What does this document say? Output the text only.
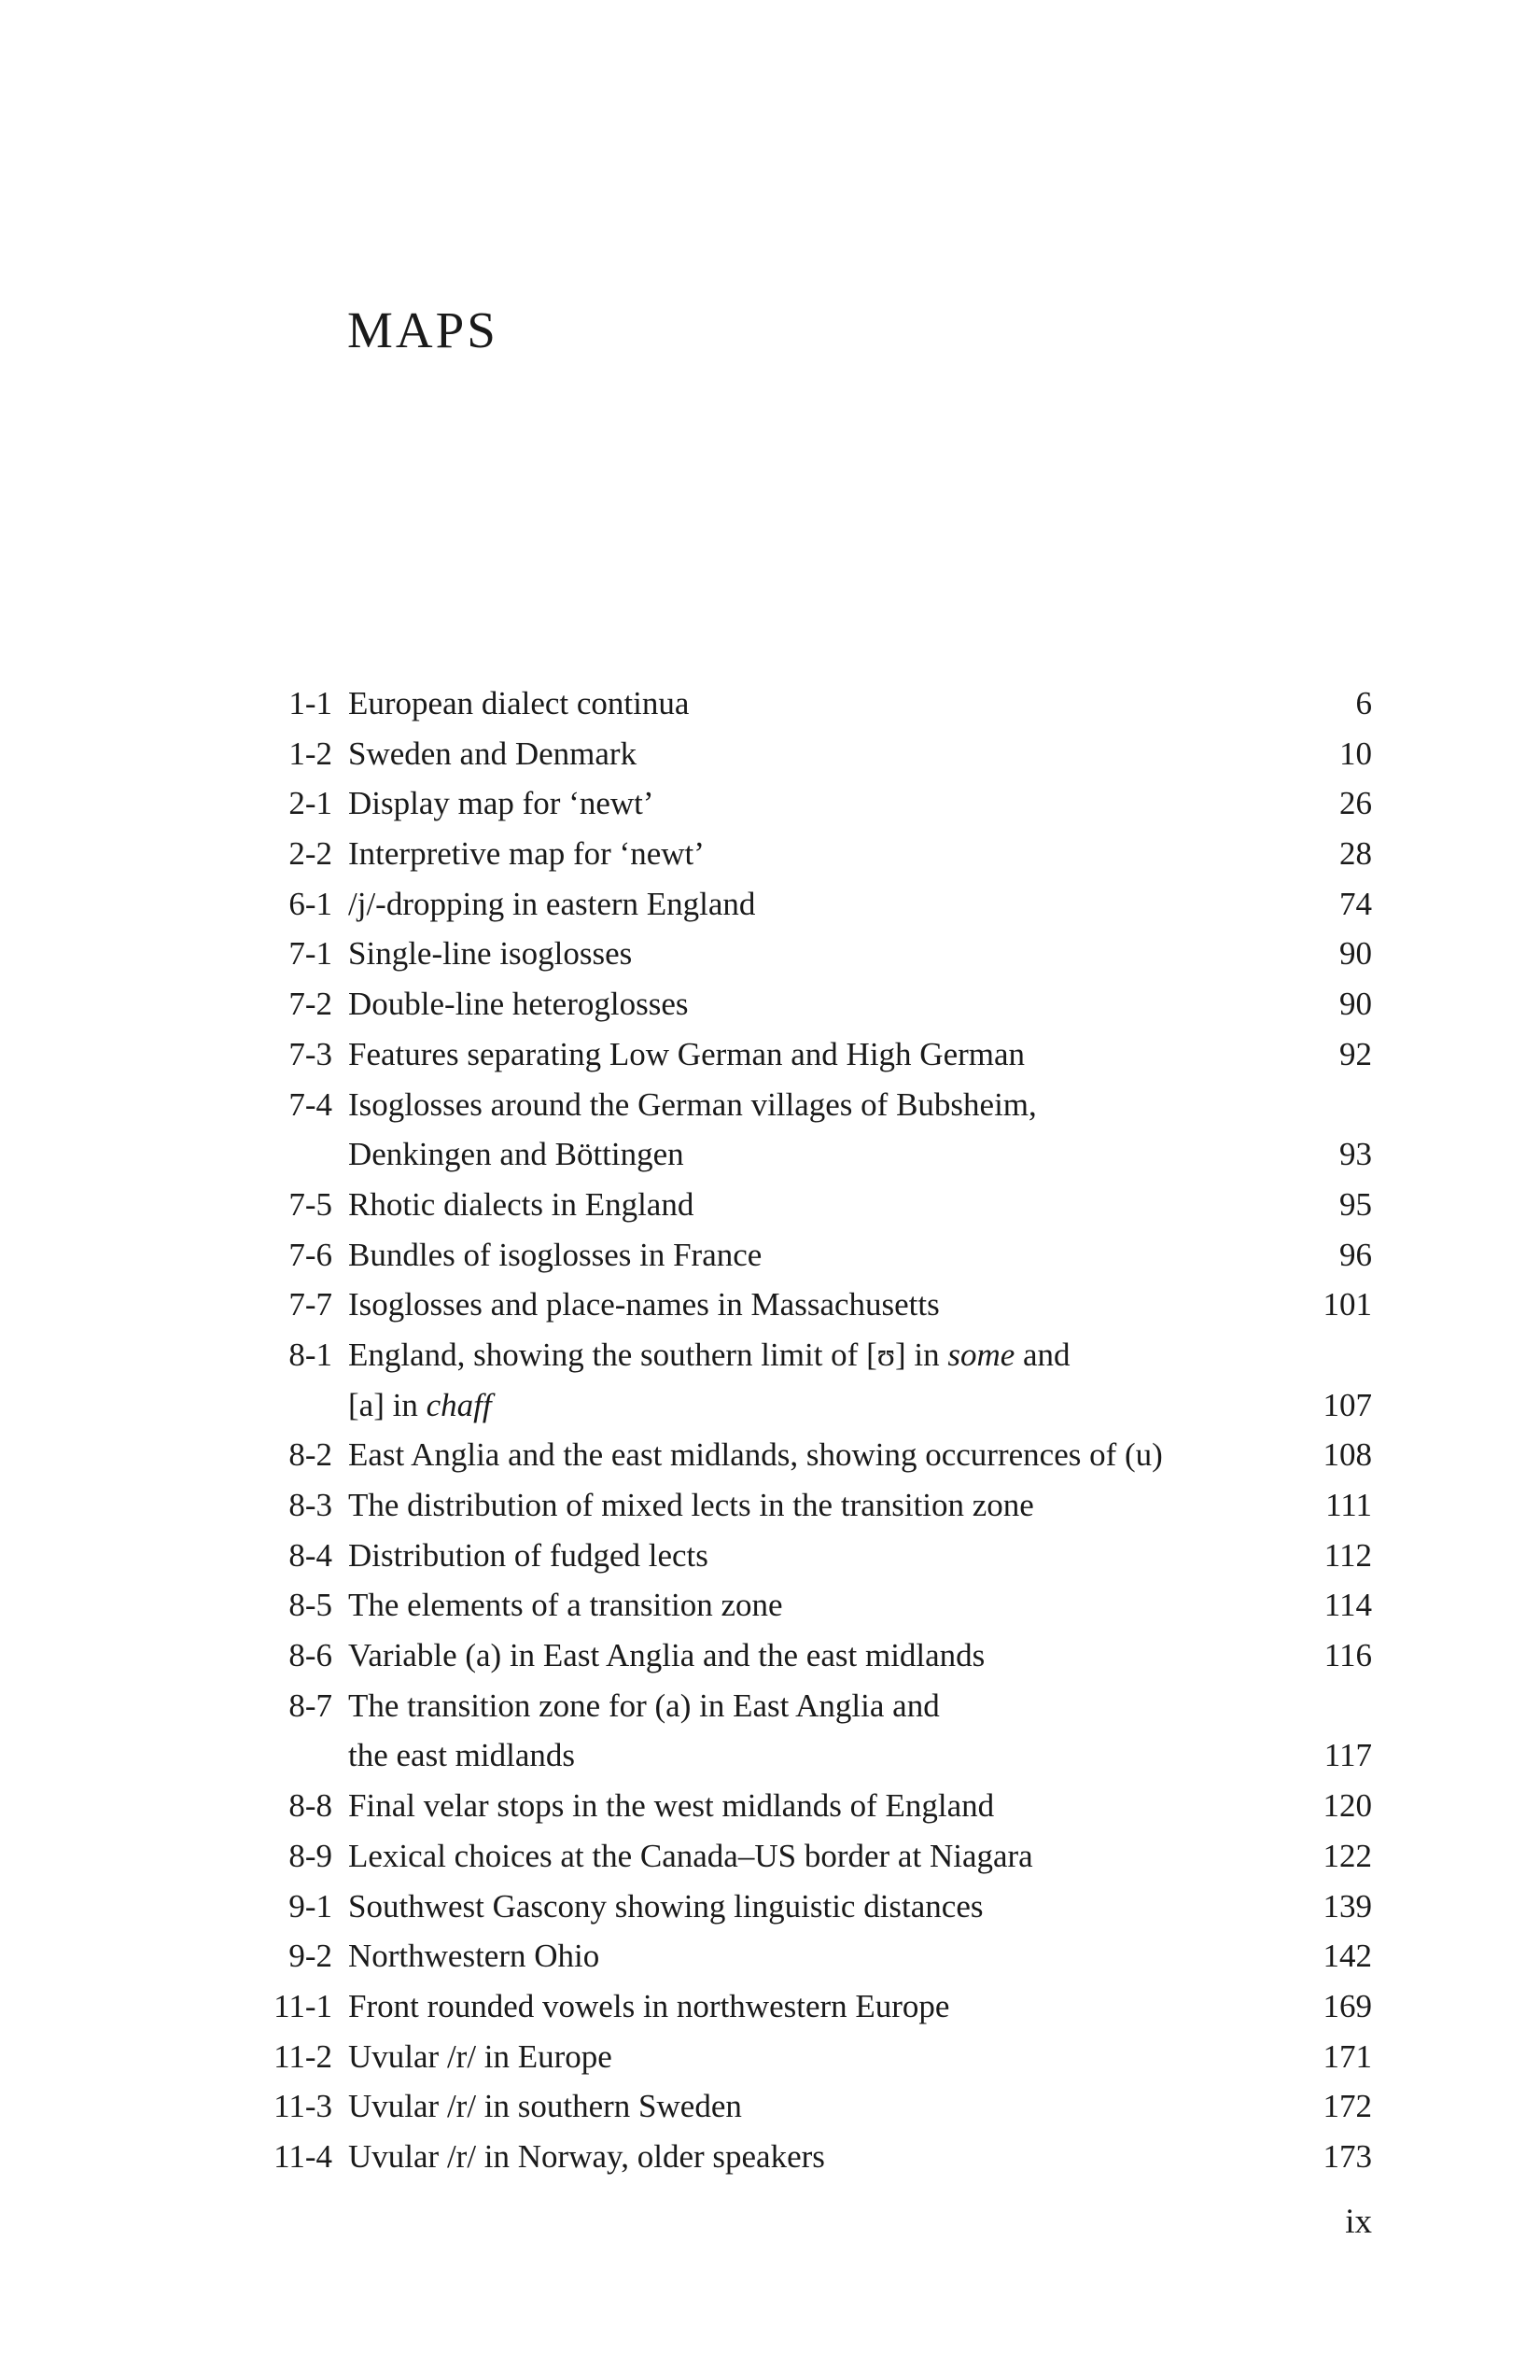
MAPS
1-1 European dialect continua	6
1-2 Sweden and Denmark	10
2-1 Display map for ‘newt’	26
2-2 Interpretive map for ‘newt’	28
6-1 /j/-dropping in eastern England	74
7-1 Single-line isoglosses	90
7-2 Double-line heteroglosses	90
7-3 Features separating Low German and High German	92
7-4 Isoglosses around the German villages of Bubsheim,
Denkingen and Böttingen	93
7-5 Rhotic dialects in England	95
7-6 Bundles of isoglosses in France	96
7-7 Isoglosses and place-names in Massachusetts	101
8-1 England, showing the southern limit of [ʊ] in some and
[a] in chaff	107
8-2 East Anglia and the east midlands, showing occurrences of (u)	108
8-3 The distribution of mixed lects in the transition zone	111
8-4 Distribution of fudged lects	112
8-5 The elements of a transition zone	114
8-6 Variable (a) in East Anglia and the east midlands	116
8-7 The transition zone for (a) in East Anglia and
the east midlands	117
8-8 Final velar stops in the west midlands of England	120
8-9 Lexical choices at the Canada–US border at Niagara	122
9-1 Southwest Gascony showing linguistic distances	139
9-2 Northwestern Ohio	142
11-1 Front rounded vowels in northwestern Europe	169
11-2 Uvular /r/ in Europe	171
11-3 Uvular /r/ in southern Sweden	172
11-4 Uvular /r/ in Norway, older speakers	173
ix
